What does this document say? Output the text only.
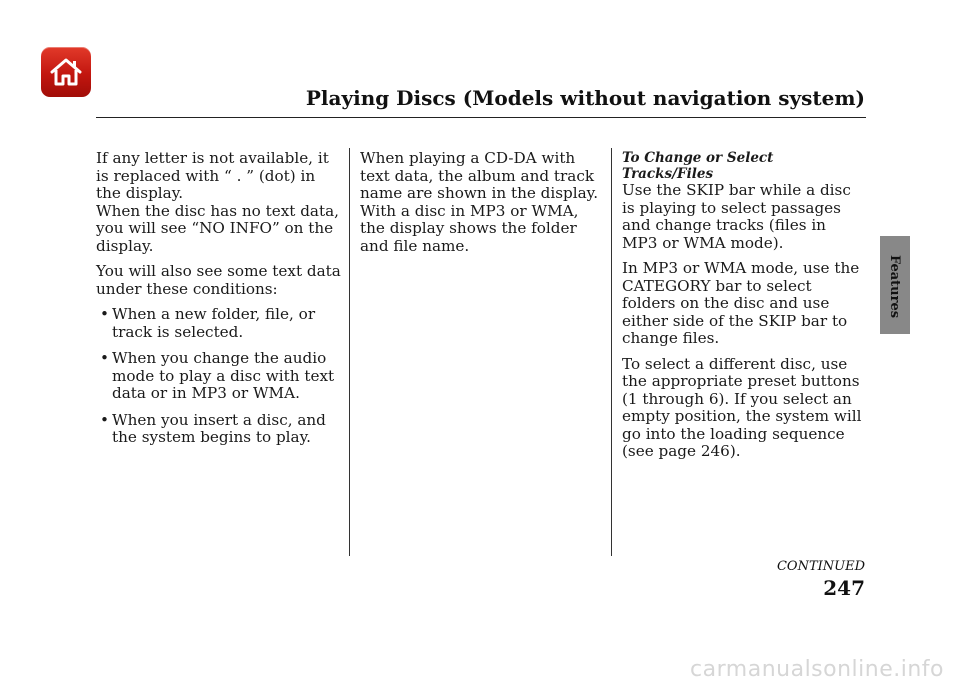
Playing Discs (Models without navigation system)
Features

If any letter is not available, it is replaced with “ . ” (dot) in the display.

When the disc has no text data, you will see “NO INFO” on the display.

You will also see some text data under these conditions:

• When a new folder, file, or track is selected.
• When you change the audio mode to play a disc with text data or in MP3 or WMA.
• When you insert a disc, and the system begins to play.

When playing a CD-DA with text data, the album and track name are shown in the display. With a disc in MP3 or WMA, the display shows the folder and file name.

To Change or Select Tracks/Files

Use the SKIP bar while a disc is playing to select passages and change tracks (files in MP3 or WMA mode).

In MP3 or WMA mode, use the CATEGORY bar to select folders on the disc and use either side of the SKIP bar to change files.

To select a different disc, use the appropriate preset buttons (1 through 6). If you select an empty position, the system will go into the loading sequence (see page 246).

CONTINUED
247
carmanualsonline.info
